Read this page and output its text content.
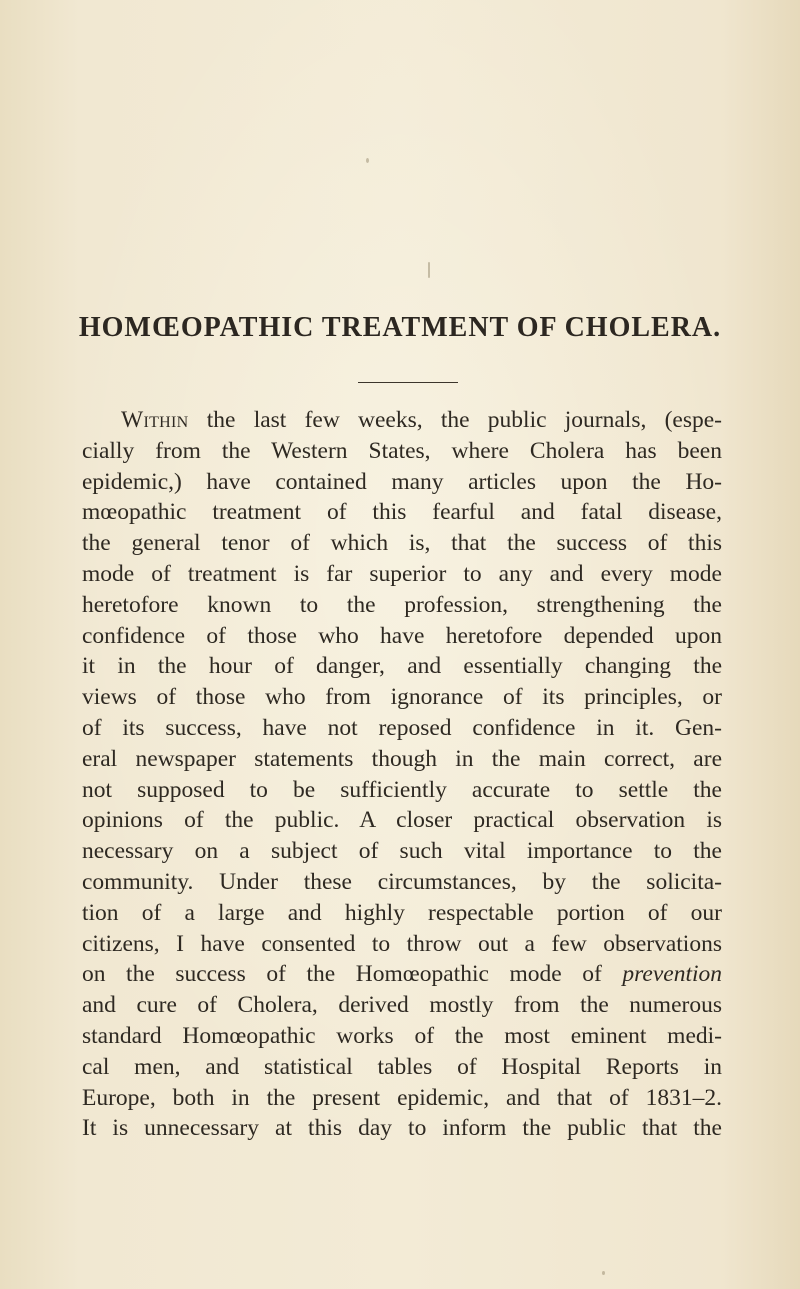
HOMŒOPATHIC TREATMENT OF CHOLERA.
Within the last few weeks, the public journals, (espe-
cially from the Western States, where Cholera has been
epidemic,) have contained many articles upon the Ho-
mœopathic treatment of this fearful and fatal disease,
the general tenor of which is, that the success of this
mode of treatment is far superior to any and every mode
heretofore known to the profession, strengthening the
confidence of those who have heretofore depended upon
it in the hour of danger, and essentially changing the
views of those who from ignorance of its principles, or
of its success, have not reposed confidence in it. Gen-
eral newspaper statements though in the main correct, are
not supposed to be sufficiently accurate to settle the
opinions of the public. A closer practical observation is
necessary on a subject of such vital importance to the
community. Under these circumstances, by the solicita-
tion of a large and highly respectable portion of our
citizens, I have consented to throw out a few observations
on the success of the Homœopathic mode of prevention
and cure of Cholera, derived mostly from the numerous
standard Homœopathic works of the most eminent medi-
cal men, and statistical tables of Hospital Reports in
Europe, both in the present epidemic, and that of 1831–2.
It is unnecessary at this day to inform the public that the
